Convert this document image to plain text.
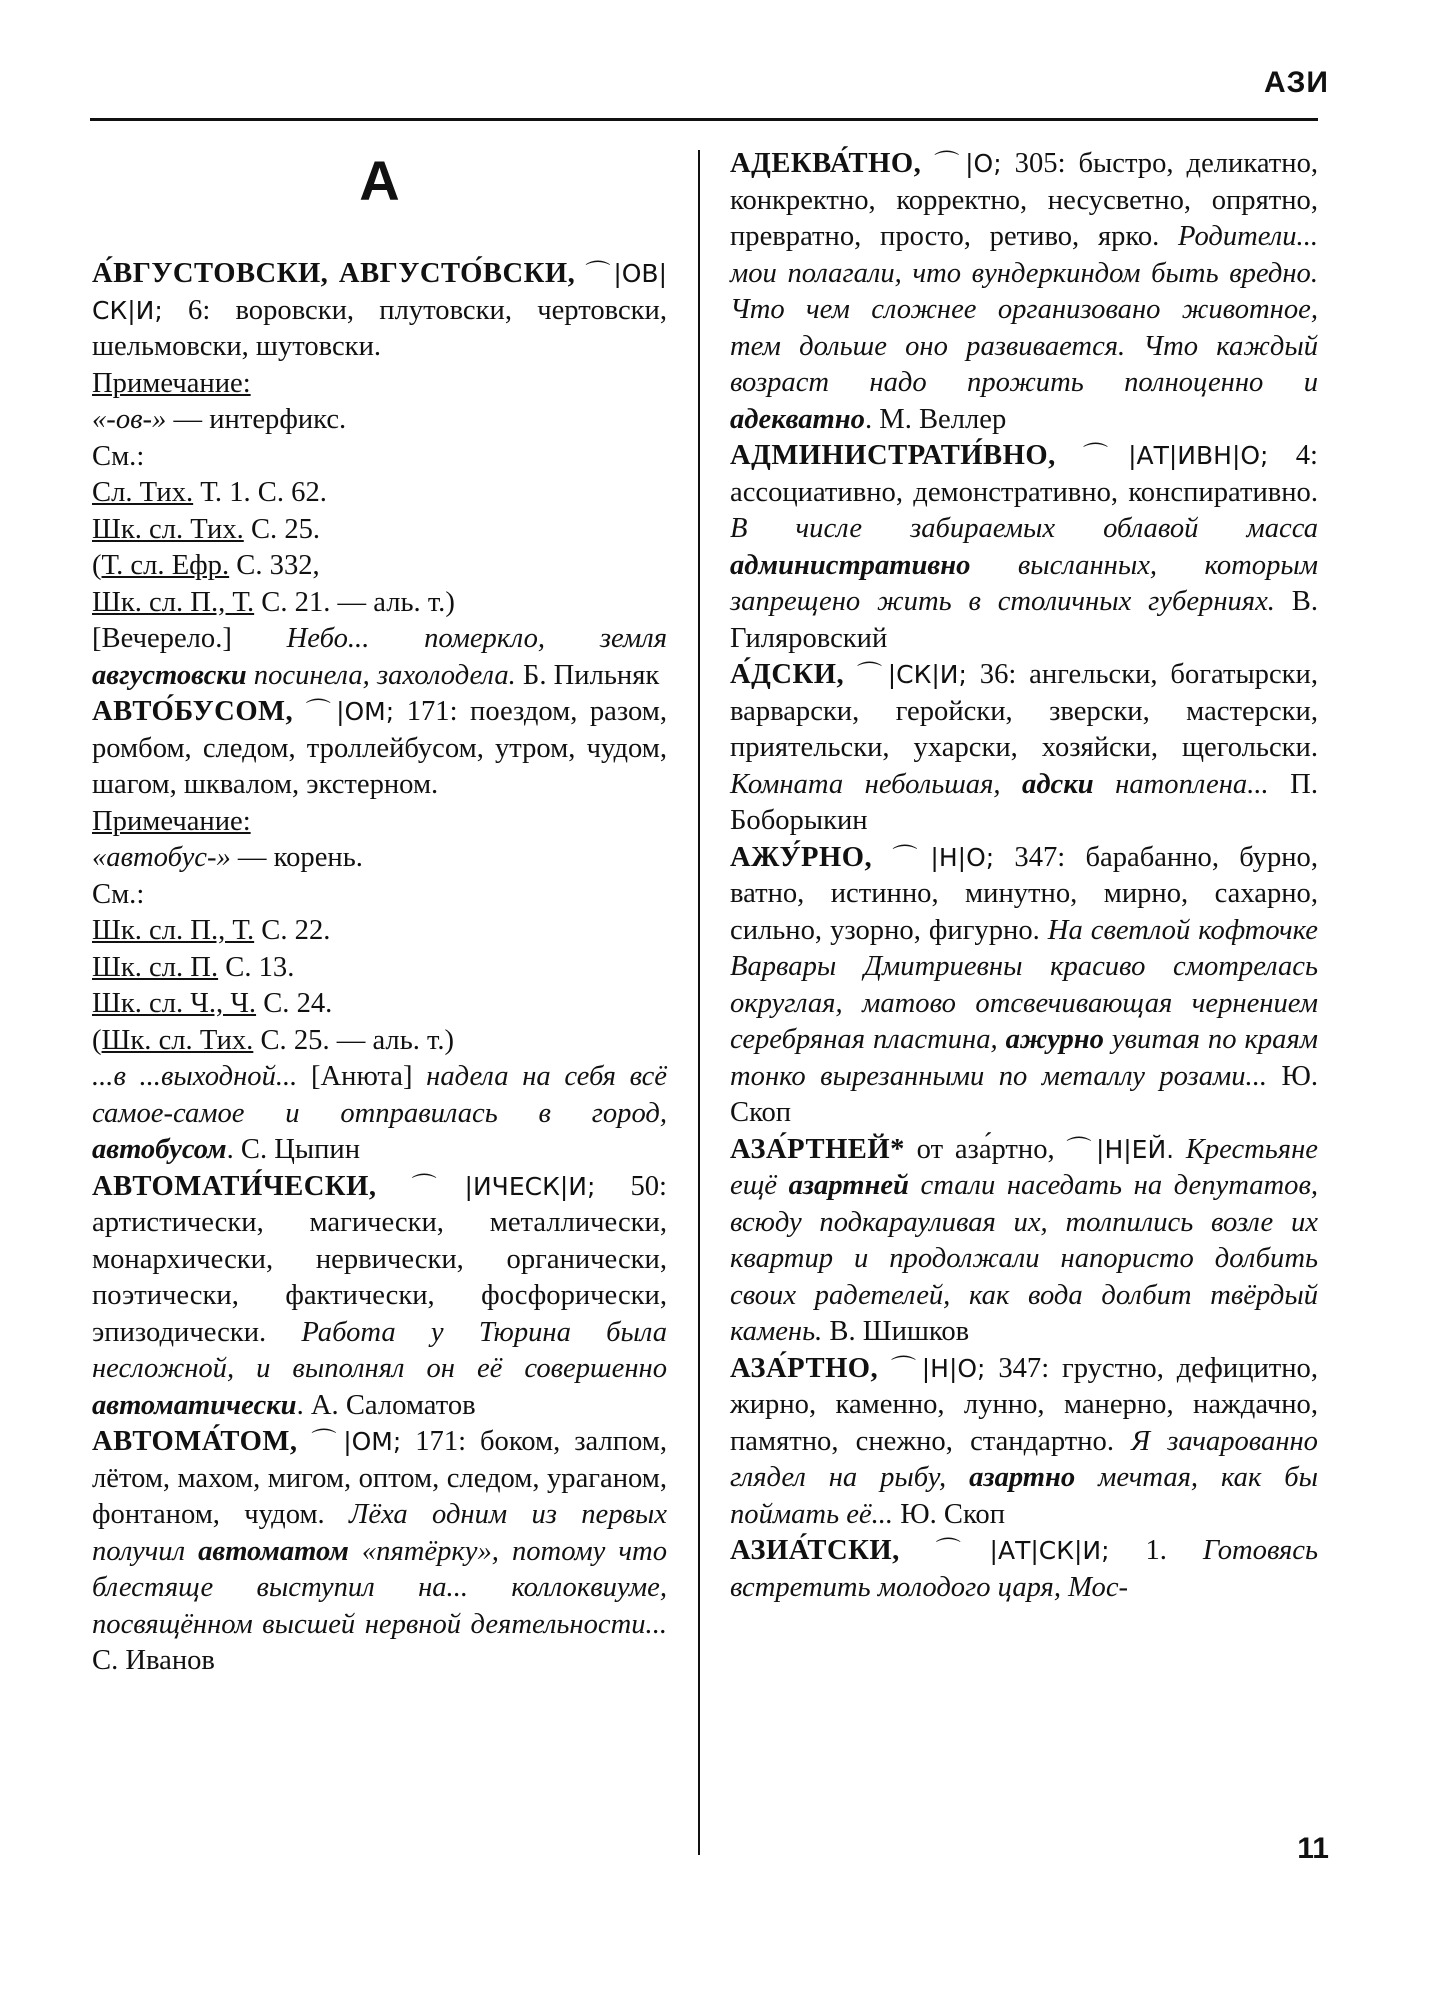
АЗИ
А

А́ВГУСТОВСКИ, АВГУСТО́ВСКИ, ⌒|ОВ|СК|И; 6: воровски, плутовски, чертовски, шельмовски, шутовски.

Примечание:

«-ов-» — интерфикс.

См.:

Сл. Тих. Т. 1. С. 62.

Шк. сл. Тих. С. 25.

(Т. сл. Ефр. С. 332,

Шк. сл. П., Т. С. 21. — аль. т.)

[Вечерело.] Небо... померкло, земля августовски посинела, захолодела. Б. Пильняк

АВТО́БУСОМ, ⌒|ОМ; 171: поездом, разом, ромбом, следом, троллейбусом, утром, чудом, шагом, шквалом, экстерном.

Примечание:

«автобус-» — корень.

См.:

Шк. сл. П., Т. С. 22.

Шк. сл. П. С. 13.

Шк. сл. Ч., Ч. С. 24.

(Шк. сл. Тих. С. 25. — аль. т.)

...в ...выходной... [Анюта] надела на себя всё самое-самое и отправилась в город, автобусом. С. Цыпин

АВТОМАТИ́ЧЕСКИ, ⌒|ИЧЕСК|И; 50: артистически, магически, металлически, монархически, нервически, органически, поэтически, фактически, фосфорически, эпизодически. Работа у Тюрина была несложной, и выполнял он её совершенно автоматически. А. Саломатов

АВТОМА́ТОМ, ⌒|ОМ; 171: боком, залпом, лётом, махом, мигом, оптом, следом, ураганом, фонтаном, чудом. Лёха одним из первых получил автоматом «пятёрку», потому что блестяще выступил на... коллоквиуме, посвящённом высшей нервной деятельности... С. Иванов

АДЕКВА́ТНО, ⌒|О; 305: быстро, деликатно, конкректно, корректно, несусветно, опрятно, превратно, просто, ретиво, ярко. Родители... мои полагали, что вундеркиндом быть вредно. Что чем сложнее организовано животное, тем дольше оно развивается. Что каждый возраст надо прожить полноценно и адекватно. М. Веллер

АДМИНИСТРАТИ́ВНО, ⌒|АТ|ИВН|О; 4: ассоциативно, демонстративно, конспиративно. В числе забираемых облавой масса административно высланных, которым запрещено жить в столичных губерниях. В. Гиляровский

А́ДСКИ, ⌒|СК|И; 36: ангельски, богатырски, варварски, геройски, зверски, мастерски, приятельски, ухарски, хозяйски, щегольски. Комната небольшая, адски натоплена... П. Боборыкин

АЖУ́РНО, ⌒|Н|О; 347: барабанно, бурно, ватно, истинно, минутно, мирно, сахарно, сильно, узорно, фигурно. На светлой кофточке Варвары Дмитриевны красиво смотрелась округлая, матово отсвечивающая чернением серебряная пластина, ажурно увитая по краям тонко вырезанными по металлу розами... Ю. Скоп

АЗА́РТНЕЙ* от аза́ртно, ⌒|Н|ЕЙ. Крестьяне ещё азартней стали наседать на депутатов, всюду подкарауливая их, толпились возле их квартир и продолжали напористо долбить своих радетелей, как вода долбит твёрдый камень. В. Шишков

АЗА́РТНО, ⌒|Н|О; 347: грустно, дефицитно, жирно, каменно, лунно, манерно, наждачно, памятно, снежно, стандартно. Я зачарованно глядел на рыбу, азартно мечтая, как бы поймать её... Ю. Скоп

АЗИА́ТСКИ, ⌒|АТ|СК|И; 1. Готовясь встретить молодого царя, Мос-

11
